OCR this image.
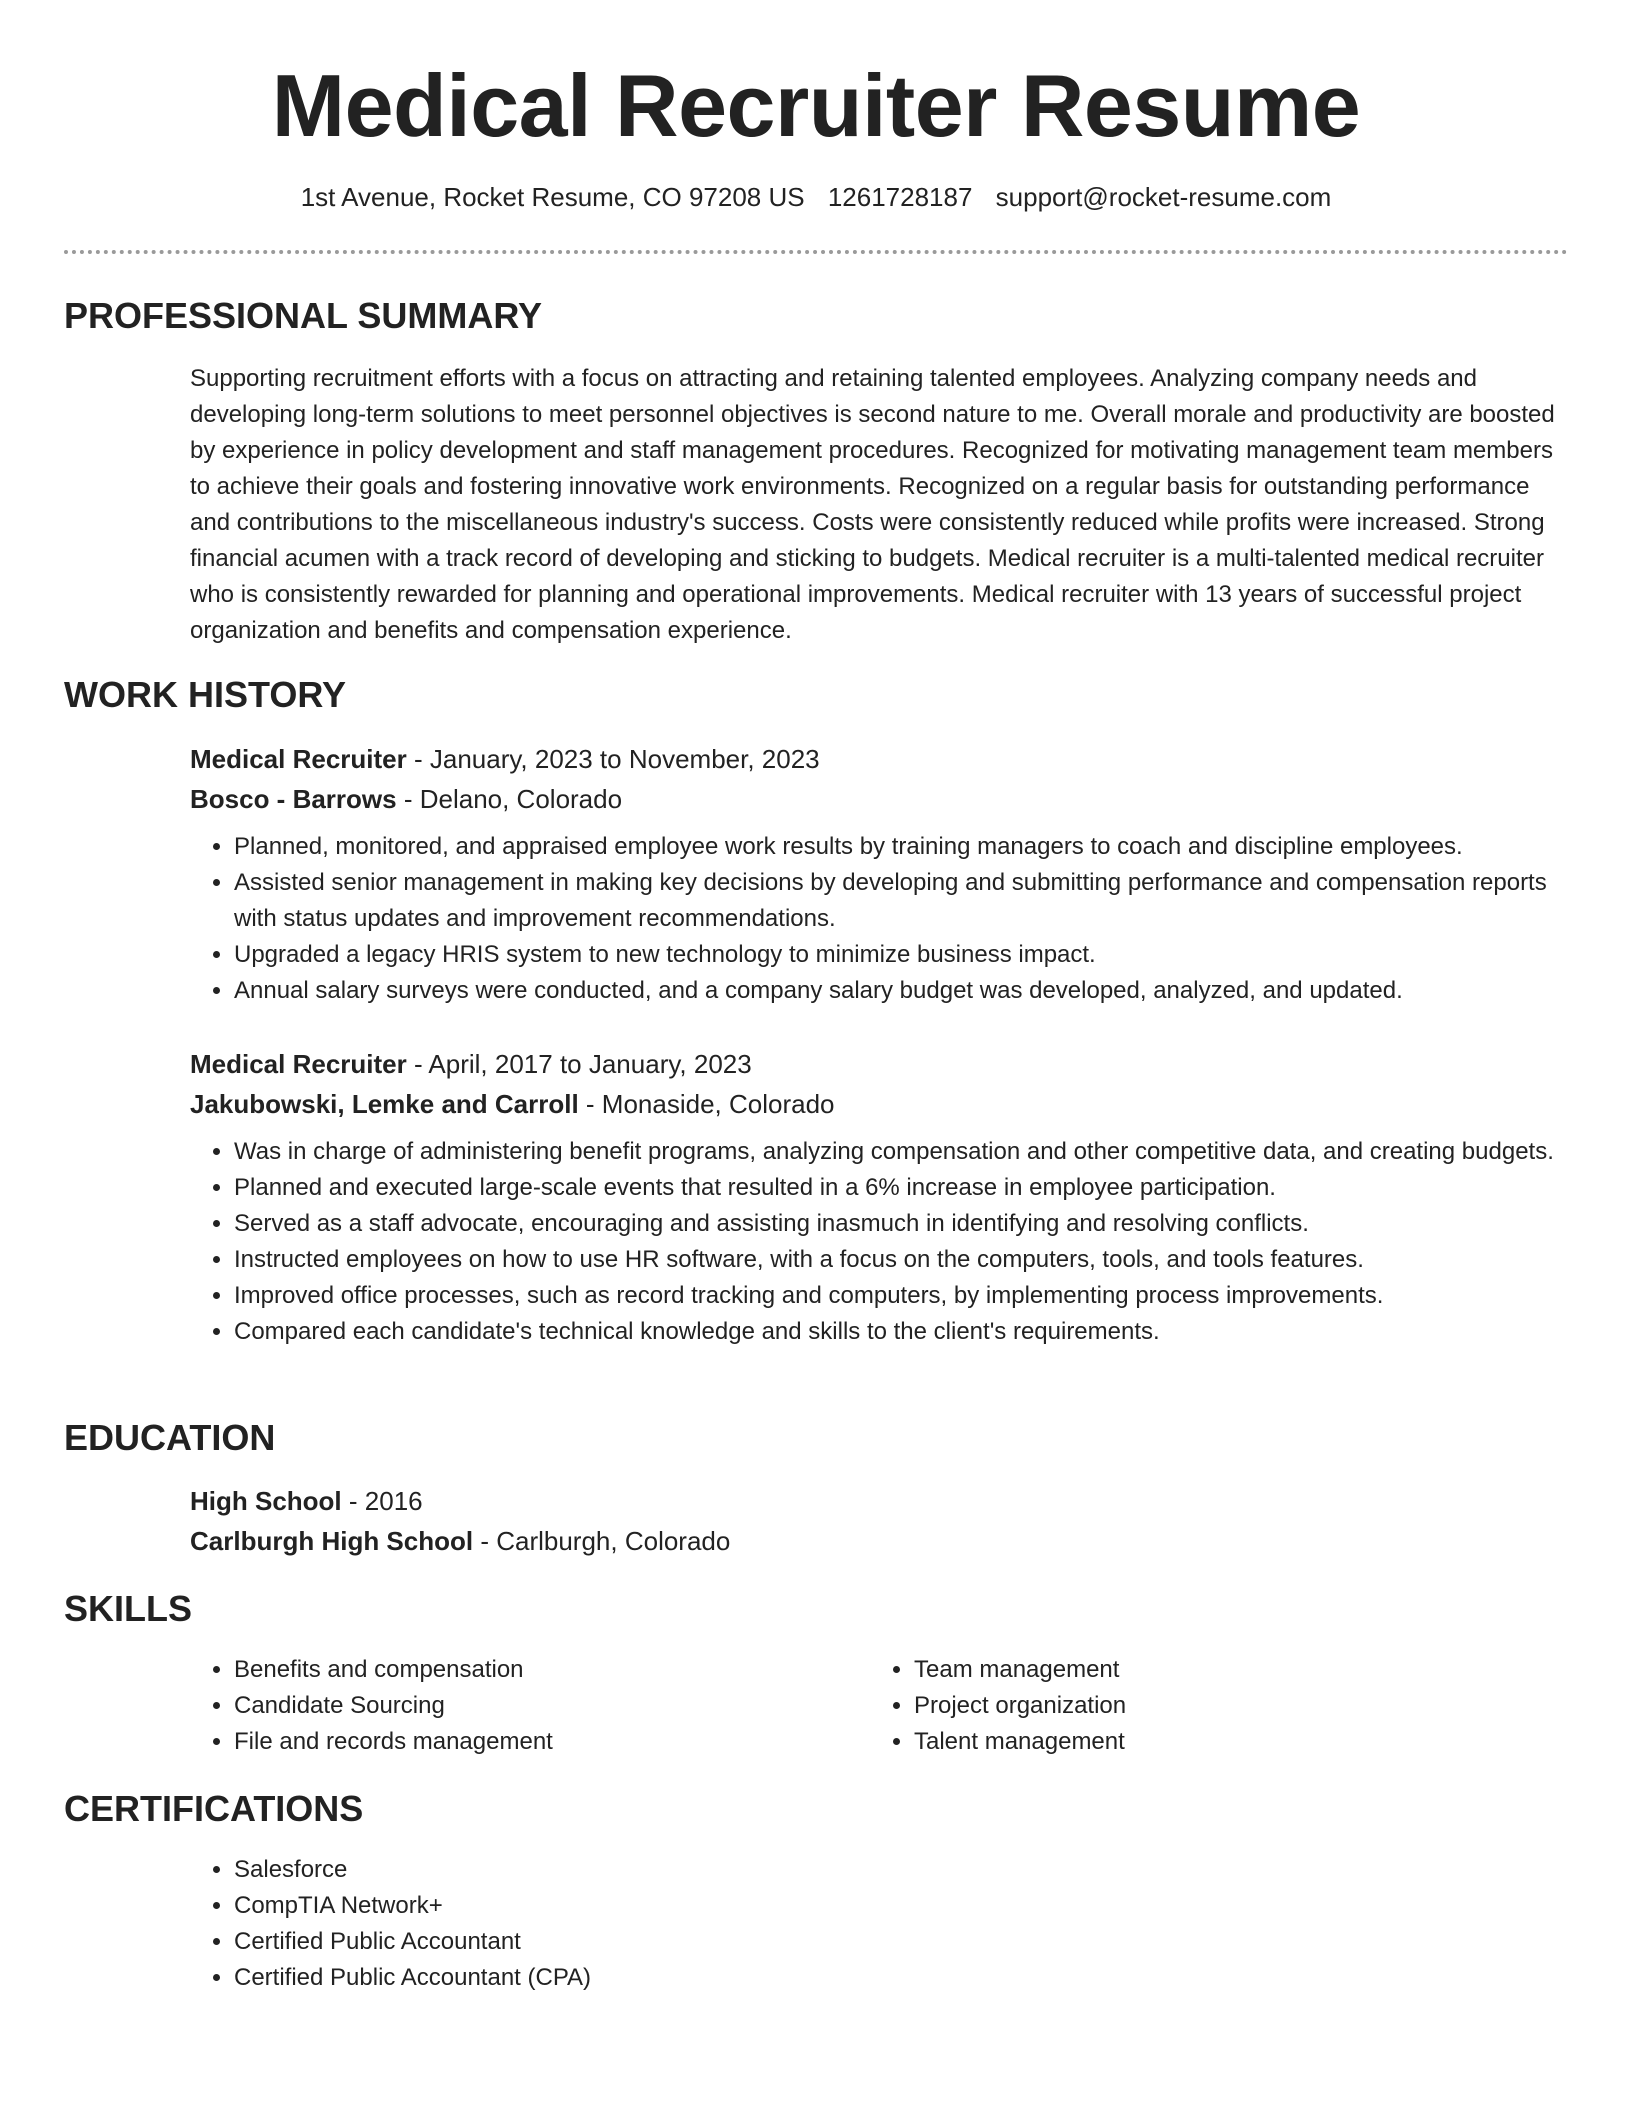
Medical Recruiter Resume
1st Avenue, Rocket Resume, CO 97208 US 1261728187 support@rocket-resume.com
PROFESSIONAL SUMMARY

Supporting recruitment efforts with a focus on attracting and retaining talented employees. Analyzing company needs and developing long-term solutions to meet personnel objectives is second nature to me. Overall morale and productivity are boosted by experience in policy development and staff management procedures. Recognized for motivating management team members to achieve their goals and fostering innovative work environments. Recognized on a regular basis for outstanding performance and contributions to the miscellaneous industry's success. Costs were consistently reduced while profits were increased. Strong financial acumen with a track record of developing and sticking to budgets. Medical recruiter is a multi-talented medical recruiter who is consistently rewarded for planning and operational improvements. Medical recruiter with 13 years of successful project organization and benefits and compensation experience.

WORK HISTORY

Medical Recruiter - January, 2023 to November, 2023

Bosco - Barrows - Delano, Colorado

• Planned, monitored, and appraised employee work results by training managers to coach and discipline employees.
• Assisted senior management in making key decisions by developing and submitting performance and compensation reports with status updates and improvement recommendations.
• Upgraded a legacy HRIS system to new technology to minimize business impact.
• Annual salary surveys were conducted, and a company salary budget was developed, analyzed, and updated.

Medical Recruiter - April, 2017 to January, 2023

Jakubowski, Lemke and Carroll - Monaside, Colorado

• Was in charge of administering benefit programs, analyzing compensation and other competitive data, and creating budgets.
• Planned and executed large-scale events that resulted in a 6% increase in employee participation.
• Served as a staff advocate, encouraging and assisting inasmuch in identifying and resolving conflicts.
• Instructed employees on how to use HR software, with a focus on the computers, tools, and tools features.
• Improved office processes, such as record tracking and computers, by implementing process improvements.
• Compared each candidate's technical knowledge and skills to the client's requirements.
EDUCATION

High School - 2016

Carlburgh High School - Carlburgh, Colorado

SKILLS
• Benefits and compensation
• Candidate Sourcing
• File and records management
• Team management
• Project organization
• Talent management
CERTIFICATIONS
• Salesforce
• CompTIA Network+
• Certified Public Accountant
• Certified Public Accountant (CPA)
